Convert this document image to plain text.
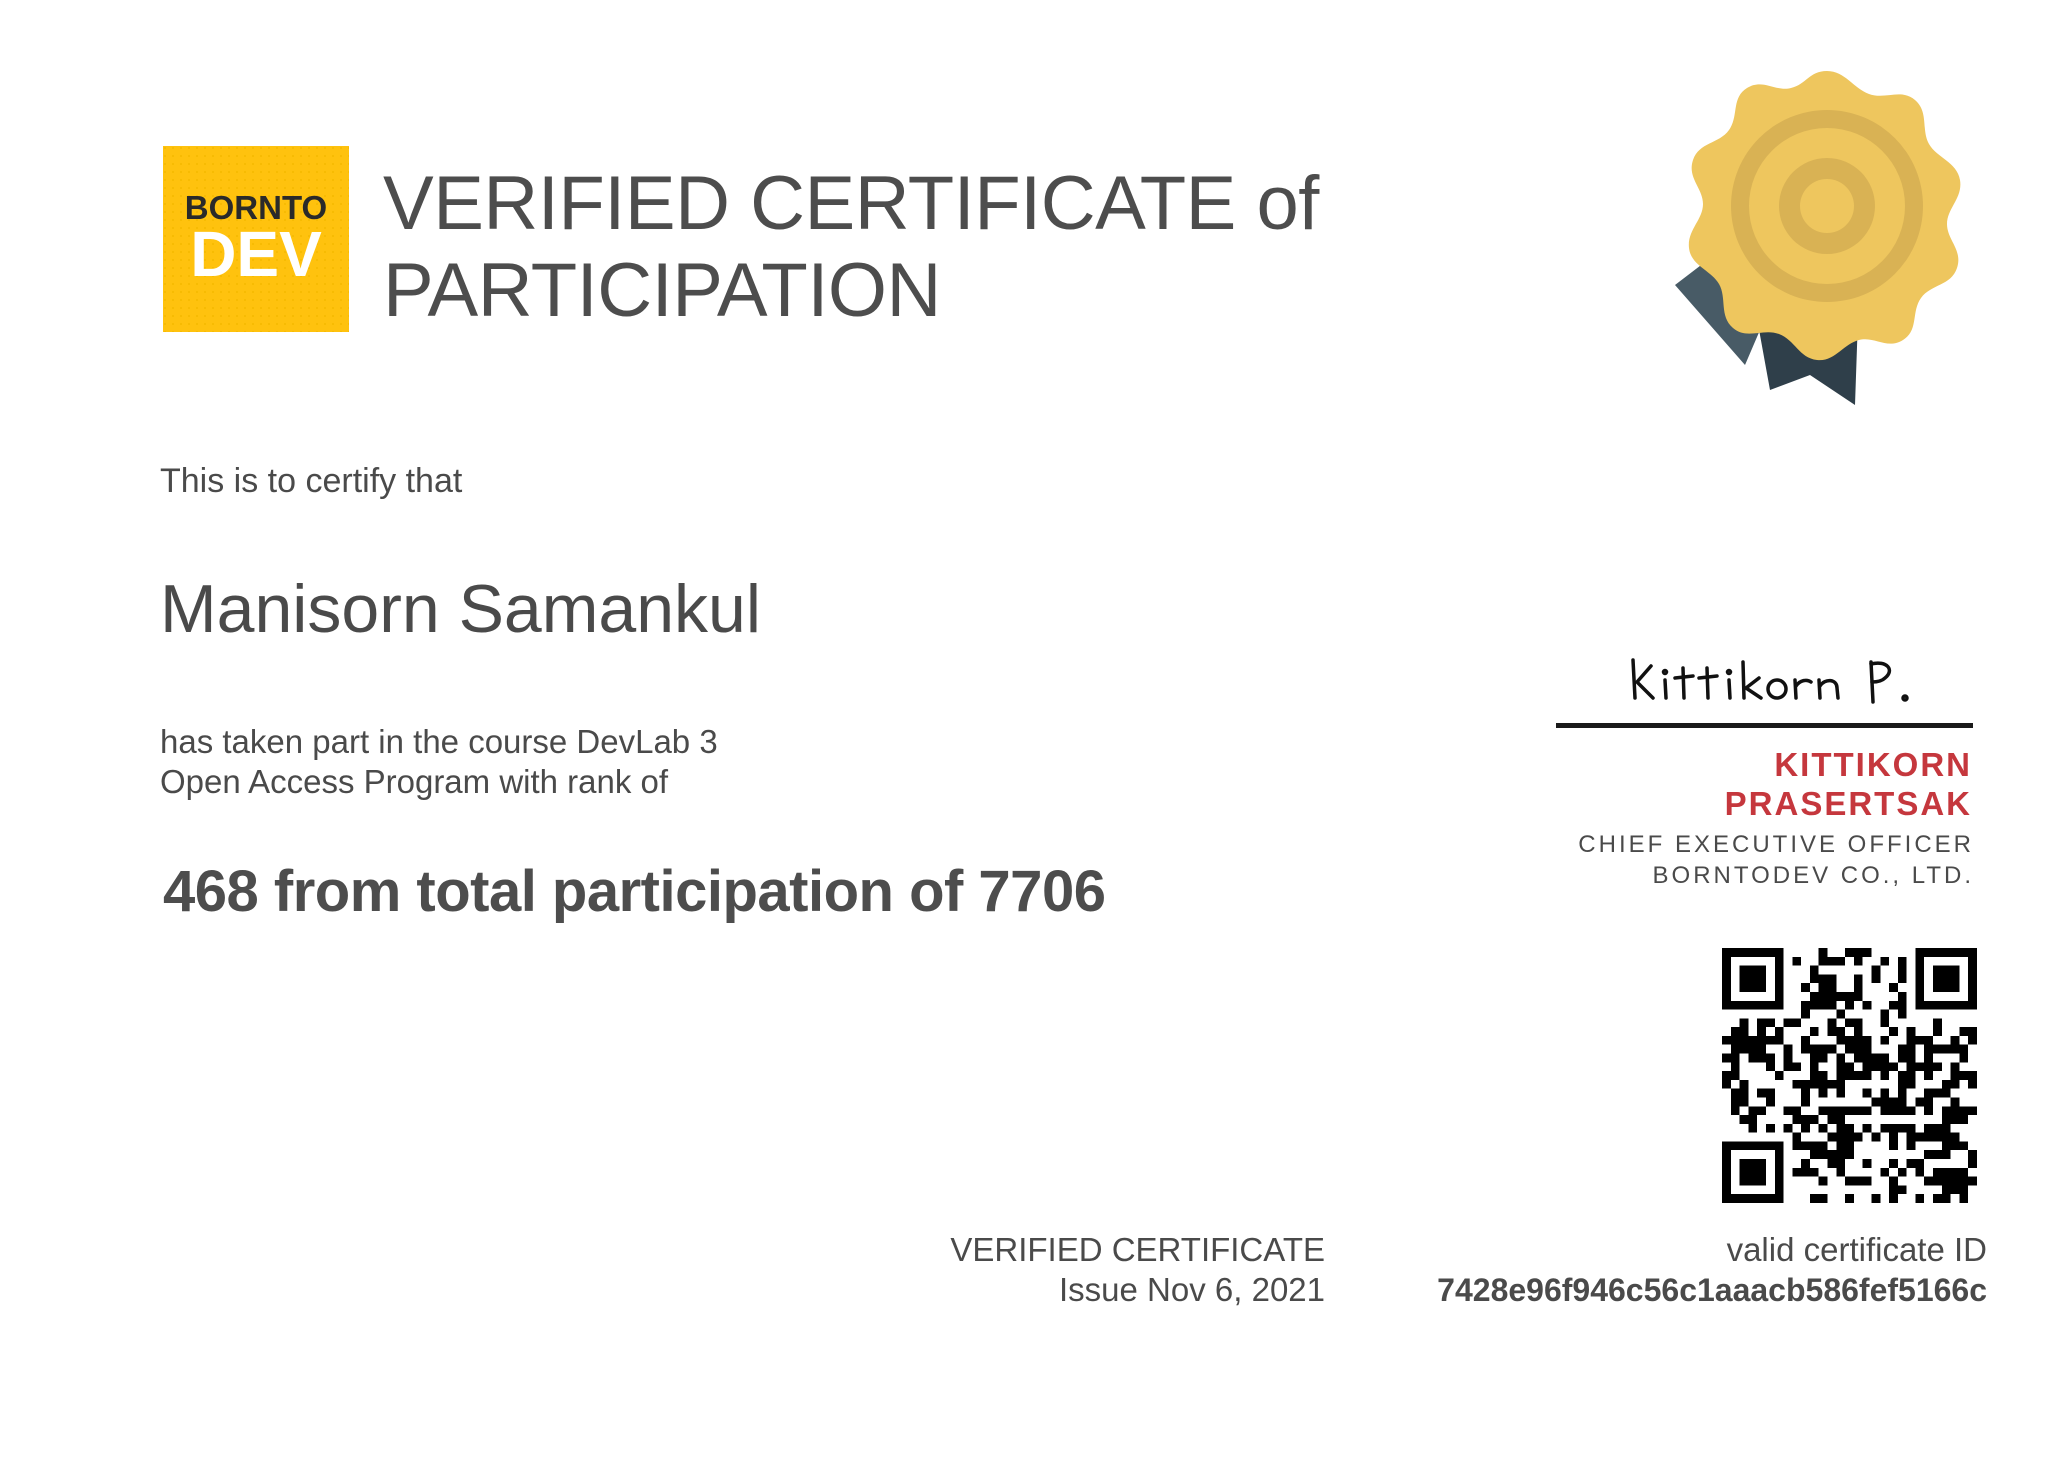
BORNTO
DEV
VERIFIED CERTIFICATE of
PARTICIPATION
This is to certify that
Manisorn Samankul
has taken part in the course DevLab 3
Open Access Program with rank of
468 from total participation of 7706
KITTIKORN
PRASERTSAK
CHIEF EXECUTIVE OFFICER
BORNTODEV CO., LTD.
VERIFIED CERTIFICATE
Issue Nov 6, 2021
valid certificate ID
7428e96f946c56c1aaacb586fef5166c
